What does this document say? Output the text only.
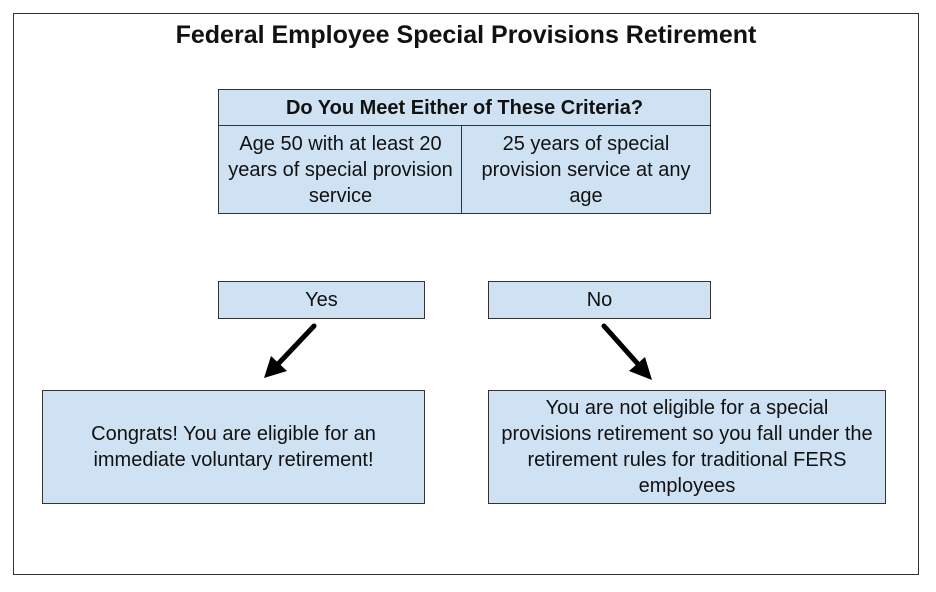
Federal Employee Special Provisions Retirement
Do You Meet Either of These Criteria?
Age 50 with at least 20 years of special provision service
25 years of special provision service at any age
Yes	No
Congrats! You are eligible for an immediate voluntary retirement!
You are not eligible for a special provisions retirement so you fall under the retirement rules for traditional FERS employees
